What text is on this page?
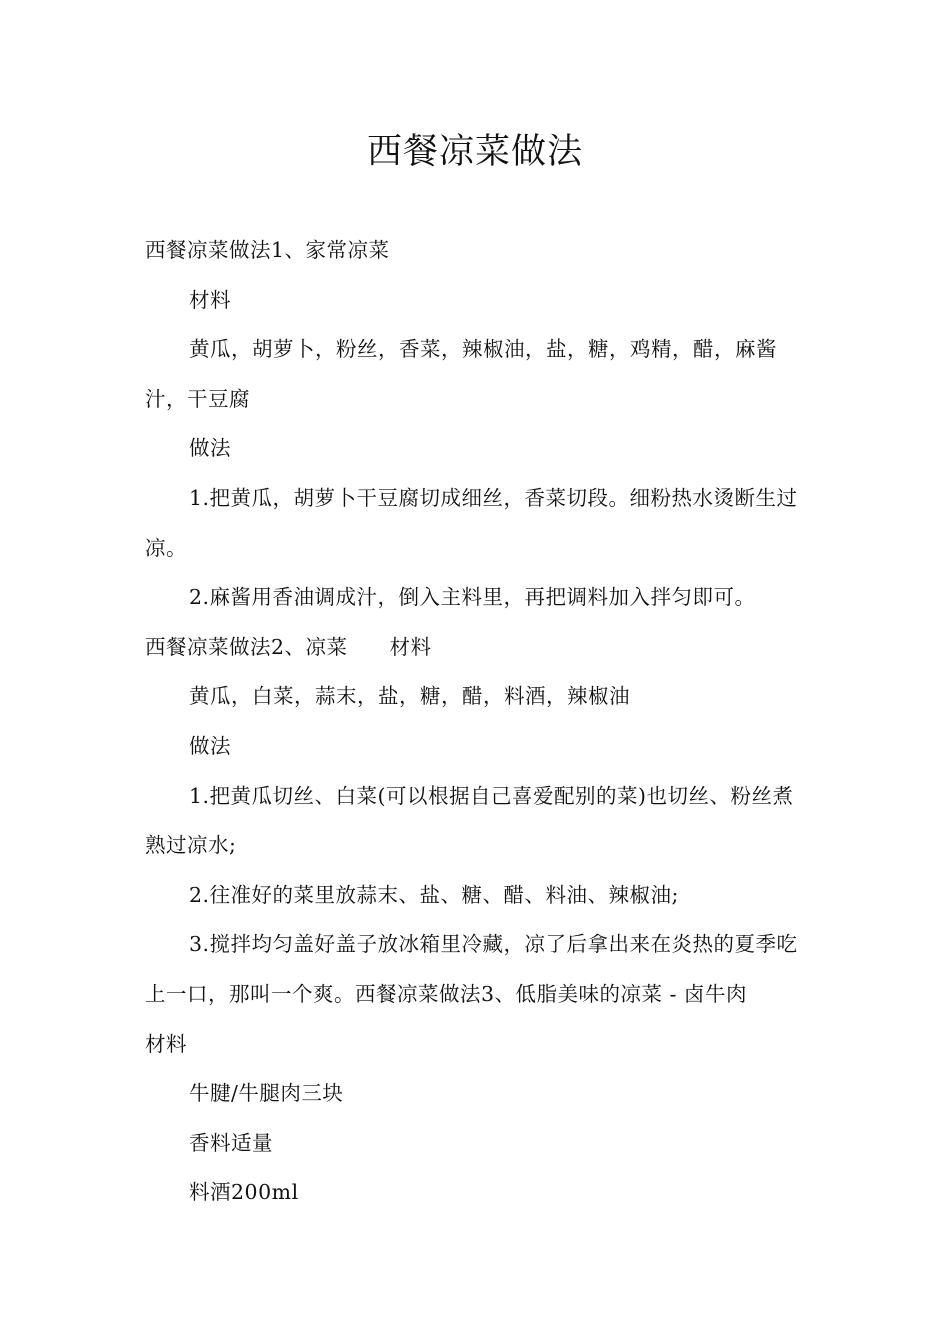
西餐凉菜做法

西餐凉菜做法1、家常凉菜

材料

黄瓜，胡萝卜，粉丝，香菜，辣椒油，盐，糖，鸡精，醋，麻酱汁，干豆腐

做法

1.把黄瓜，胡萝卜干豆腐切成细丝，香菜切段。细粉热水烫断生过凉。

2.麻酱用香油调成汁，倒入主料里，再把调料加入拌匀即可。

西餐凉菜做法2、凉菜　　材料

黄瓜，白菜，蒜末，盐，糖，醋，料酒，辣椒油

做法

1.把黄瓜切丝、白菜(可以根据自己喜爱配别的菜)也切丝、粉丝煮熟过凉水;

2.往准好的菜里放蒜末、盐、糖、醋、料油、辣椒油;

3.搅拌均匀盖好盖子放冰箱里冷藏，凉了后拿出来在炎热的夏季吃上一口，那叫一个爽。西餐凉菜做法3、低脂美味的凉菜 - 卤牛肉　　材料

牛腱/牛腿肉三块

香料适量

料酒200ml
